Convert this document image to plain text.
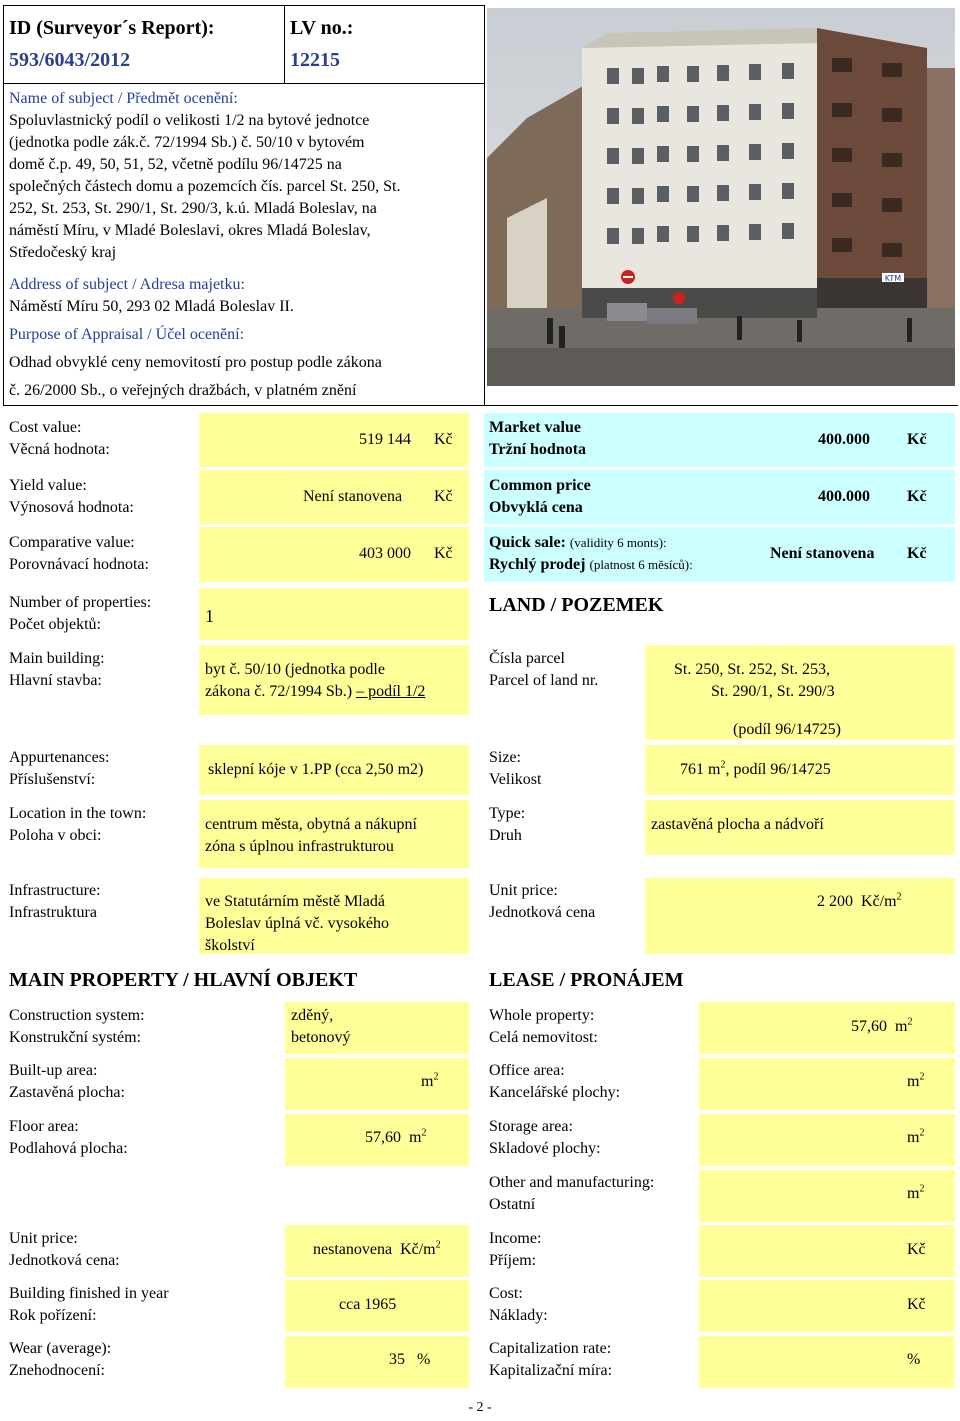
ID (Surveyor´s Report):
593/6043/2012
LV no.:
12215
Name of subject / Předmět ocenění:
Spoluvlastnický podíl o velikosti 1/2 na bytové jednotce
(jednotka podle zák.č. 72/1994 Sb.) č. 50/10 v bytovém
domě č.p. 49, 50, 51, 52, včetně podílu 96/14725 na
společných částech domu a pozemcích čís. parcel St. 250, St.
252, St. 253, St. 290/1, St. 290/3, k.ú. Mladá Boleslav, na
náměstí Míru, v Mladé Boleslavi, okres Mladá Boleslav,
Středočeský kraj
Address of subject / Adresa majetku:
Náměstí Míru 50, 293 02 Mladá Boleslav II.
Purpose of Appraisal / Účel ocenění:
Odhad obvyklé ceny nemovitostí pro postup podle zákona
č. 26/2000 Sb., o veřejných dražbách, v platném znění
KTM
Cost value:
Věcná hodnota:
519 144 Kč
Yield value:
Výnosová hodnota:
Není stanovena Kč
Comparative value:
Porovnávací hodnota:
403 000 Kč
Market value
Tržní hodnota
400.000 Kč
Common price
Obvyklá cena
400.000 Kč
Quick sale: (validity 6 monts):
Rychlý prodej (platnost 6 měsíců):
Není stanovena Kč
Number of properties:
Počet objektů:	1	LAND / POZEMEK
Main building:
Hlavní stavba:
byt č. 50/10 (jednotka podle
zákona č. 72/1994 Sb.) – podíl 1/2
Čísla parcel
Parcel of land nr.
St. 250, St. 252, St. 253,
St. 290/1, St. 290/3
(podíl 96/14725)
Appurtenances:
Příslušenství:
sklepní kóje v 1.PP (cca 2,50 m2)
Size:
Velikost
761 $m^2$, podíl 96/14725
Location in the town:
Poloha v obci:
centrum města, obytná a nákupní
zóna s úplnou infrastrukturou
Type:
Druh
zastavěná plocha a nádvoří
Infrastructure:
Infrastruktura
ve Statutárním městě Mladá
Boleslav úplná vč. vysokého
školství
Unit price:
Jednotková cena
2 200 $Kč/m^2$
MAIN PROPERTY / HLAVNÍ OBJEKT	LEASE / PRONÁJEM
Construction system:
Konstrukční systém:
zděný,
betonový
Whole property:
Celá nemovitost:
57,60 $m^2$
Built-up area:
Zastavěná plocha:
$m^2$	Office area:
Kancelářské plochy:
$m^2$
Floor area:
Podlahová plocha:
57,60 $m^2$	Storage area:
Skladové plochy:
$m^2$
Other and manufacturing:
Ostatní
$m^2$
Unit price:
Jednotková cena:
nestanovena $Kč/m^2$	Income:
Příjem:
Kč
Building finished in year
Rok pořízení:
cca 1965
Cost:
Náklady:
Kč
Wear (average):
Znehodnocení:
35 %
Capitalization rate:
Kapitalizační míra:
%
- 2 -
